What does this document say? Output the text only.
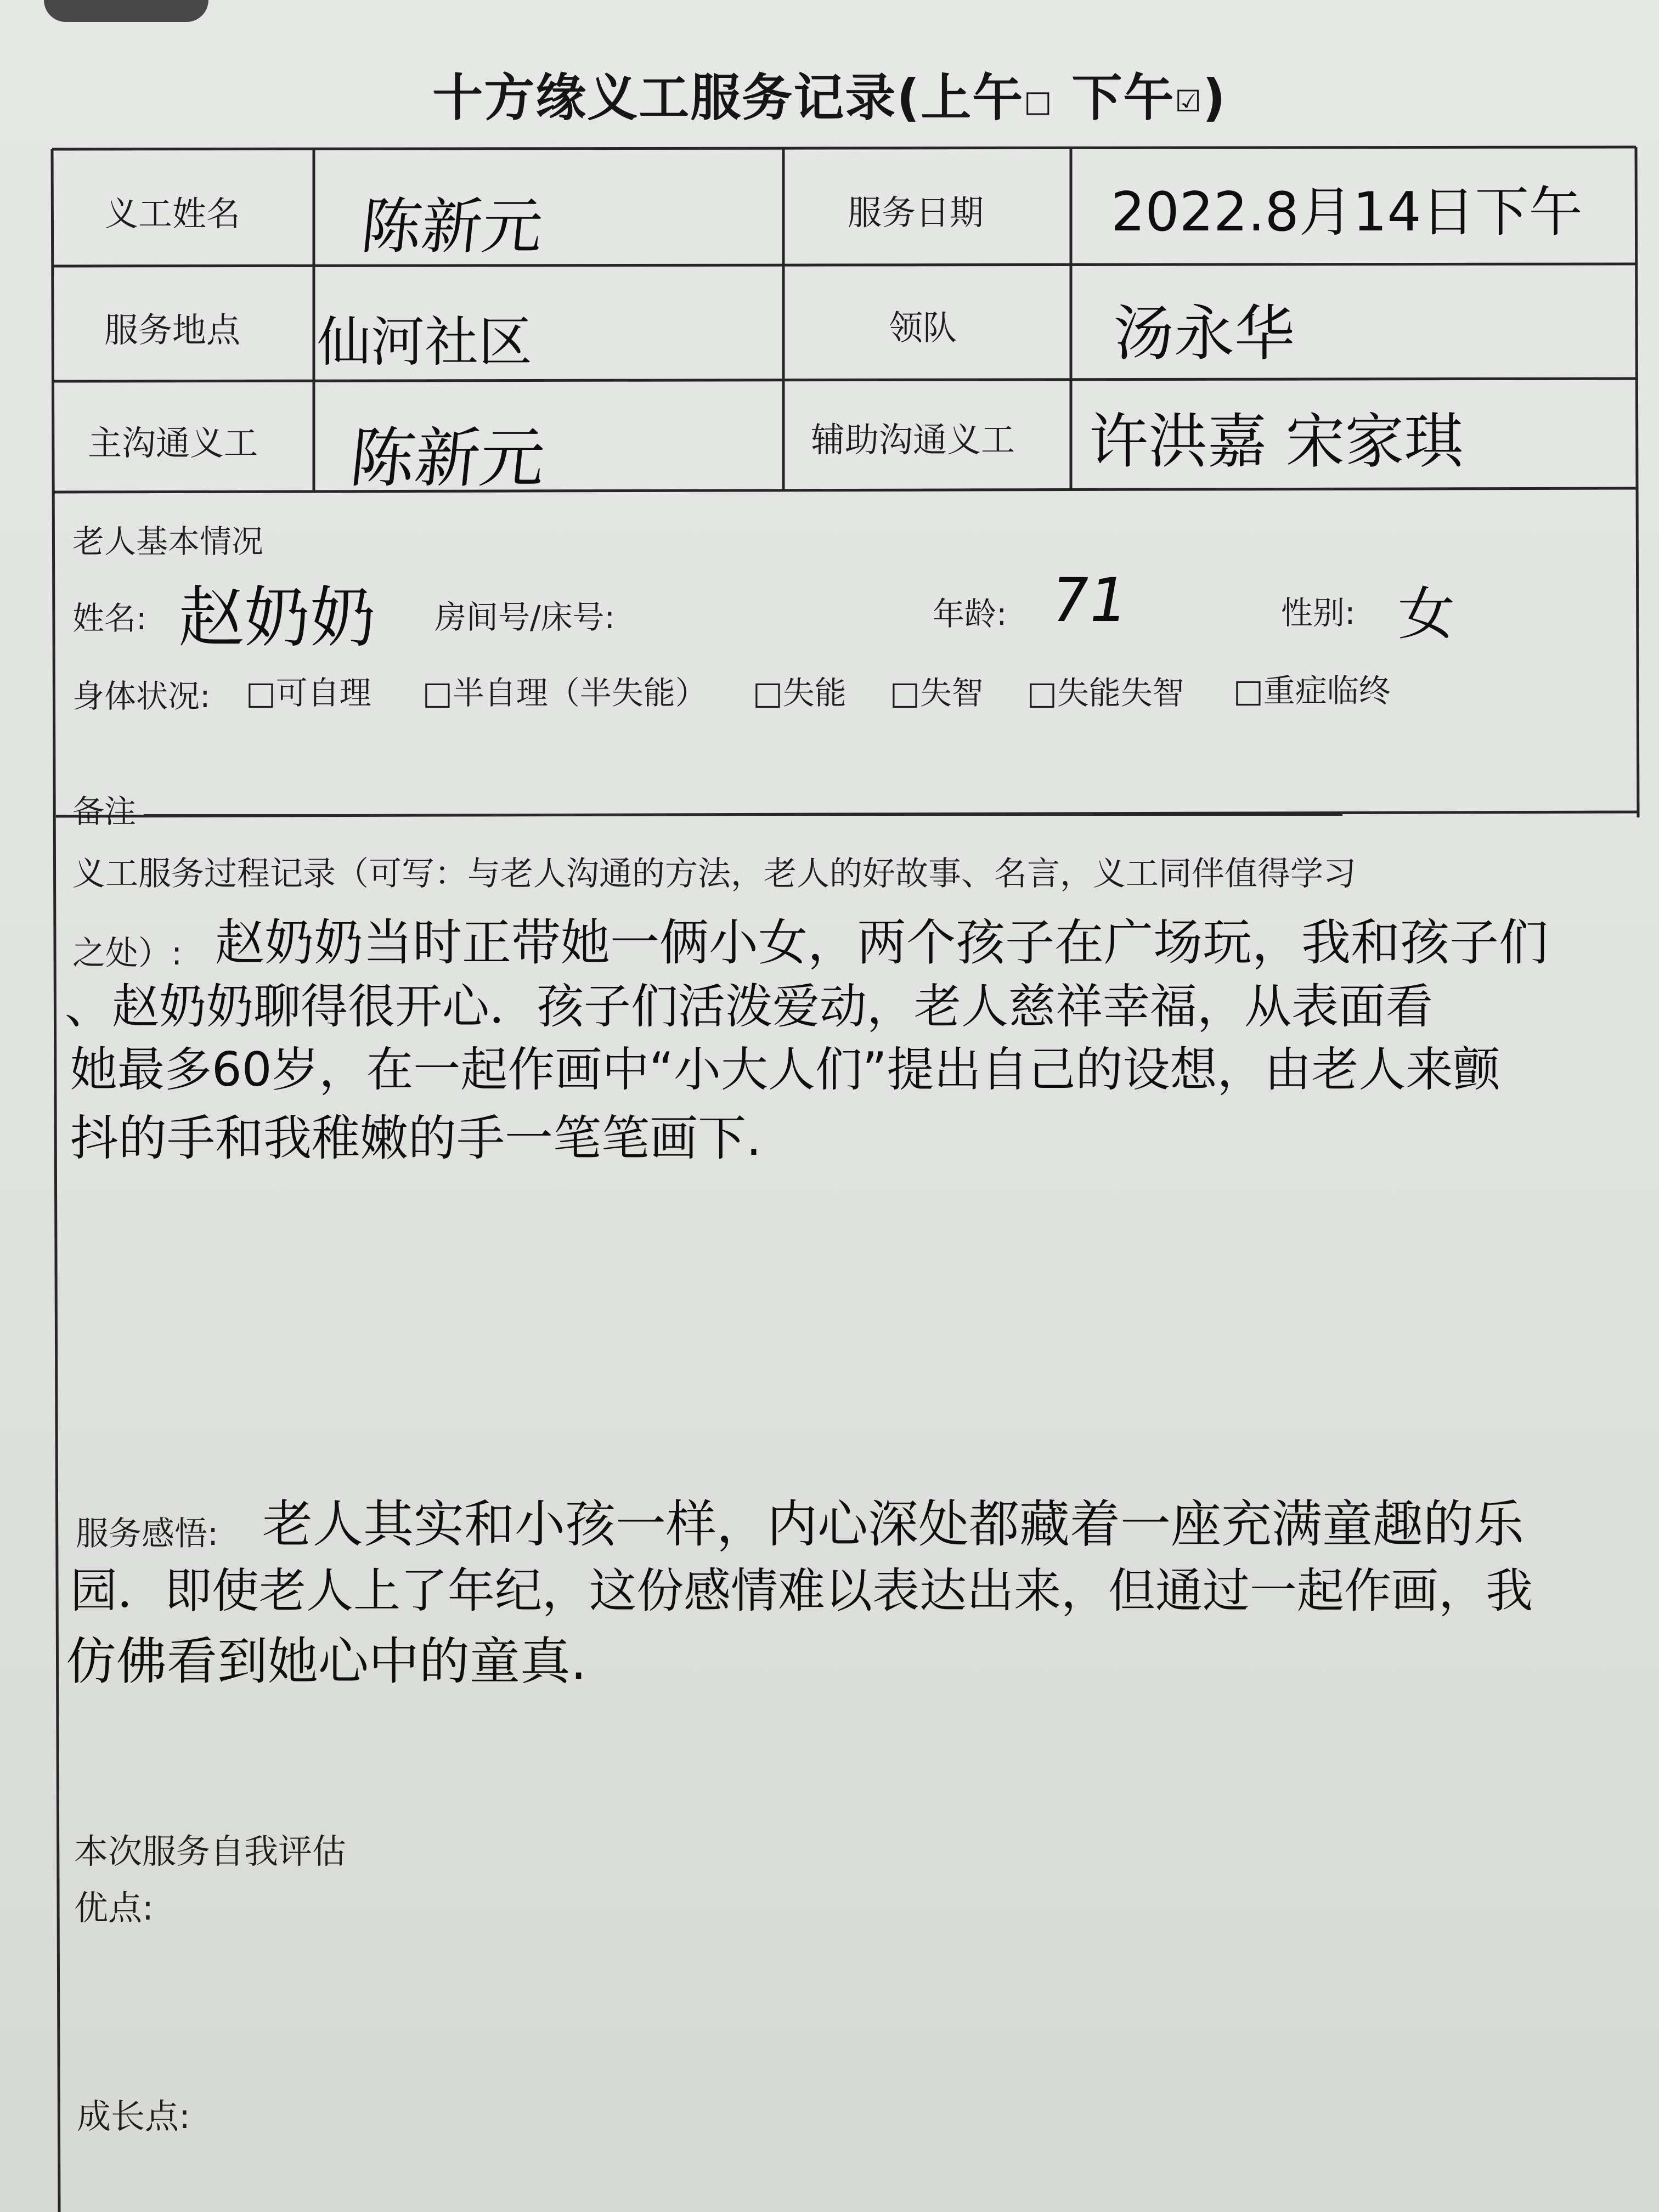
十方缘义工服务记录(上午□ 下午☑)
义工姓名 陈新元	服务日期 2022.8月14日下午
服务地点 仙河社区	领队	汤永华
主沟通义工 陈新元	辅助沟通义工 许洪嘉 宋家琪
老人基本情况
姓名: 赵奶奶 房间号/床号:	年龄: 71	性别: 女
身体状况: □可自理 □半自理（半失能） □失能 □失智 □失能失智 □重症临终
备注
义工服务过程记录（可写：与老人沟通的方法，老人的好故事、名言，义工同伴值得学习
之处）: 赵奶奶当时正带她一俩小女，两个孩子在广场玩，我和孩子们
、赵奶奶聊得很开心．孩子们活泼爱动，老人慈祥幸福，从表面看
她最多60岁，在一起作画中“小大人们”提出自己的设想，由老人来颤
抖的手和我稚嫩的手一笔笔画下.
服务感悟: 老人其实和小孩一样，内心深处都藏着一座充满童趣的乐
园．即使老人上了年纪，这份感情难以表达出来，但通过一起作画，我
仿佛看到她心中的童真.
本次服务自我评估
优点:
成长点:
